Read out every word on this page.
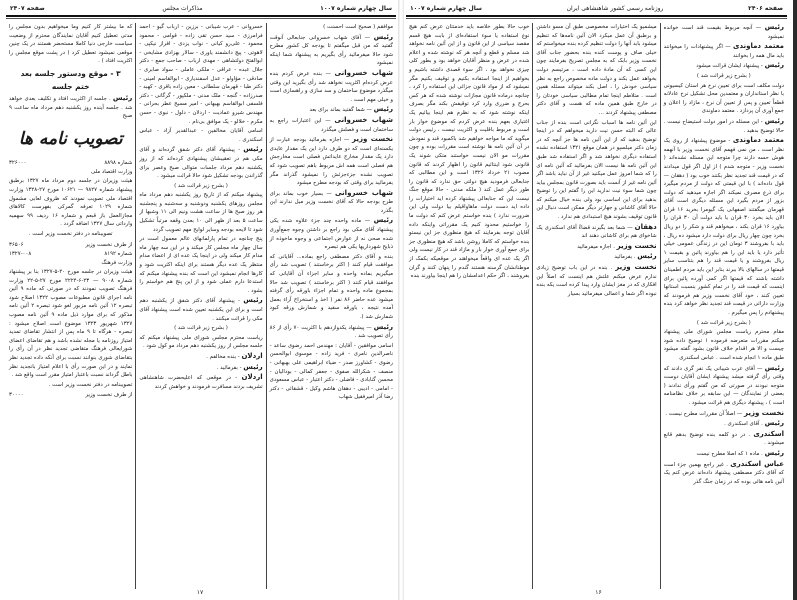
سال چهارم شماره ۱۰۰۷
مذاکرات مجلس
صفحه ۲۴۰۷

موافقم ( صحیح است احسنت )

رئیس — آقای شهاب خسروانی جنابعالی آنوقت گفتید که من قبل میگفتم تا بودجه کل کشور مطرح شود حالا میفرمائید رأی بگیریم به پیشنهاد شما اینکه نمیشود

شهاب خسروانی — بنده عرض کردم بنده عرض کرده‌ام اکثریت نخواهد شد رأی بگیرید این وقتی میگذرد موضوع ساختمان و سد سازی و راهسازی است و خیلی مهم است .

رئیس — شما گفتید بماند برای بعد

شهاب خسروانی — این اعتبارات راجع به ساختمان است و فصلش میگذرد

نخست وزیر — اجازه بفرمائید بودجه عبارت از یکسنه‌ای است که دو طرف دارد این یک مقدار عایدی دارد یک مقدار مخارج عایداتش فصلی است مخارجش هم فصلی است همه اش مربوط باهم تصویب شود که تصویب نشده جزءجزئش را نمیشود گذراند مگر بفرمائید برای وقتی که بودجه مطرح میشود

شهاب خسروانی — بسیار خوب بماند برای طرح بودجه حالا که آقای نخست وزیر میل ندارند این بگذرد

رئیس — ماده واحده چند جزء علاوه شده یکی پیشنهاد آقای مکی بود راجع بر داشتن وجوه جمع‌آوری شده صحی نه از عوارض اجتماعی و وجوه ماخوذه از ذبایح شهرداریها یکی هم تبصره

بنده و آقای دکتر مصطفی راجع بماده... آقایانی که موافقت قیام کنند ( اکثر برخاستند ) تصویب شد رأی میگیریم بماده واحده و سایر اجزاء آن آقایانی که موافقند قیام کنند ( اکثر برخاستند ) تصویب شد حالا بمجموع ماده واحده و تمام اجزاء باورقه رأی گرفته میشود عده حاضر ۸۶ نفر ( اخذ و استخراج آراء بعمل آمده نتیجه ، باورقه سفید و شمارش ورقه کبود شمارش شد ).

رئیس — پیشنهاد یکدوازدهم با اکثریت ۷۰ رأی از ۸۶ رأی تصویب شد .

اسامی موافقین - آقایان : مهندس احمد رضوی ساعد - ناصرالدین نامری - فرید زاده - موسوی ابوالحسن رضوی - کشاورز صدر - ضیاء ابراهیمی علی بهبهانی - منصف - شکرالله صفوی - جعفر کمالی - بودالیان - محسن گنابادی - فاضلی - دکتر اعتبار - عباس مسعودی - امامی - ادیبی - دهقان هاشم وکیل - قشقائی - دکتر رضا آذر امیرفقیل شهاب

خسروانی - عرب شیبانی - برزین - ارباب گیو - احمد فرامرزی - سید حسن تقی زاده - قوامی - محمود محمود - علی‌رو کیانی - نواب یزدی - افراز نیکپی - لاهوتی - پیچ دانشمند یاوری - سالار بهزادی مشایخی - ابوالفتح دولتشاهی - مهدی ارباب - صاحب جمع - دکتر جلال عبده - عراقی - ملکی عاملی - سواد صابری - صادقی - مؤاولو - عدل اسفندیاری - ابوالقاسم امینی - دکتر طبا - قهرمان سلطانی - معین زاده باقری - کهبد - صدرزاده - گنجه - ملک مدنی - ملکپور - گرگانی - دکتر فلسفی ابوالقاسم بهبهانی - امیر مسیح عطر بحرانی - مهندس شیرو عمادیت - اردلان - دلول - نبوی - حسن مکرم - خلالو - یک موافق بی‌نام .

اسامی آقایان مخالفین - عبدالقدیر آزاد - عباس اسکندری .

رئیس - پیشنهاد آقای دکتر شفق گرده‌اند و آقای مکی هم در تعقیبشان پیشنهادی کرده‌اند که از روز یکشنبه دهم مرداد جلسات متوالی صبح وعصر برای گذراندن بودجه تشکیل شود حالا قرائت میشود .

( بشرح زیر قرائت شد )

پیشنهاد میکنم که از تاریخ روز یکشنبه دهم مرداد ماه مجلس روزهای یکشنبه ودوشنبه و سه‌شنبه و پنجشنبه هر روز صبح ها از ساعت هشت ونیم الی ۱۱ وشبها از ساعت ۵ بعد از ظهر الی ۱۰ بعدن وقفه مرتباً تشکیل شود تا لایحه بودجه وسایر لوایح مهم تصویب گردد

پنج چنانچه در تمام پارلمانهای عالم معمول است در سال چهار ماه مجلس کار میکند و در این سه چهار ماه مدام کار میکند ولی در اینجا یک عده ای از اعضاء مدام منتظر یک عده دیگر هستند برای اینکه اکثریت شود و کارها انجام نمیشود این است که بنده پیشنهاد میکنم که استدعا دارم عملی شود و از این پنج هم خواستم را بشود .

رئیس - پیشنهاد آقای دکتر شفق از یکشنبه دهم است و برای این یکشنبه تعیین شده است پیشنهاد آقای مکی را قرائت میکنند .

( بشرح زیر قرائت شد )

ریاست محترم مجلس شورای ملی پیشنهاد میکنم که جلسه مجلس از روز یکشنبه دهم مرداد مو کول شود .

اردلان - بنده مخالفم .

رئیس - بفرمائید .

اردلان - در موقعی که اعلیحضرت شاهنشاهی تشریف بردند مسافرت فرمودند و خواهش کردند

که ما بیشتر کار کنیم وما میخواهیم بدون مجلس را مدتی تعطیل کنیم آقایان نمایندگان محترم از وضعیت سیاست خارجی دنیا کاملا مستحضر هستند در یک چنین موقعی نمیشود تعطیل کرد ( در پشت موقع مجلس را اکثریت افتاد ) .

۳ - موقع ودستور جلسه بعد
ختم جلسه

رئیس . جلسه از اکثریت افتاد و تکلیف بعدی خواهد شد . جلسه آینده روز یکشنبه دهم مرداد ماه ساعت ۹ صبح

تصویب نامه ها
شماره ۸۸۹۸
۳۲۶۰۰۰

وزارت اقتصاد ملی

هیئت وزیران در جلسه دوم مرداد ماه ۱۳۲۷ برطبق پیشنهاد شماره ۹۸۲۷ — ۱۰۶۲۱ مورخ ۲۷-۱۳۲۸ وزارت اقتصاد ملی تصویب نمودند که ظروف لعابی مشمول شماره ۱۰۲۹ تعرفه گمرکی بفهرست کالاهای مجاز‌العمل باز قبعم و شماره ۱۶ ردیف ۹۹ سهمیه وارداتی سال ۱۳۲۷ اضافه گردد .

تصویبنامه در دفتر نخست وزیر است .

از طرف نخست وزیر
۳۶۵۰۶
شماره ۸۱۹۲
۱۳۲۷-۰۰۸

وزارت فرهنگ

هیئت وزیران در جلسه مورخ ۲۰-۵-۱۳۲۷ بنا بر پیشنهاد شماره ۹۰۰۸ — ۲۳-۶-۲۲۲۴ مورخ ۲۷-۵-۲۲ وزارت فرهنگ تصویب نمودند که در صورتی که ماده ۹ آئین نامه اجرای قانون مطبوعات مصوب ۱۳۲۲ اصلاح شود تبصره ۱۲ آئین نامه مزبور لغو شود تبصره ۲ آئین نامه مذکور که برای موارد ذیل ماده ۹ آئین نامه مصوب ۱۳۲۷ شهریور ۱۳۲۳ موضوع است اصلاح میشود : تبصره - هرگاه تا ۹ ماه پس از انتشار تقاضای تمدید امتیاز روزنامه یا مجله نشده باشد و هم تقاضای اعضای شورایعالی فرهنگ متقاضی تجدید نظر در آن رأی را بتقاضای شوری بنوانند نسبت برای آنکه داده تجدید نظر نمایند و در این صورت رأی با اعلام امتیاز بانجدید نظر باطل گرداند نسبت باعتبار امتیاز مقرر است واقع شد .

تصویبنامه در دفتر نخست وزیر است .

از طرف نخست وزیر
۳۰۰۰۰
۱۷
صفحه ۲۴۰۶
روزنامه رسمی کشور شاهنشاهی ایران
سال چهارم شماره ۱۰۰۷

رئیس — آنچه مربوط بقیمت قند است خوانده نمیشود

معتمد دماوندی — اگر پیشنهادات را میخوانند باید مال همه را بخوانند

رئیس - پیشنهاد ایشان قرائت میشود

( بشرح زیر قرائت شد )

دولت مکلف است برای تعیین نرخ هر استان کیسیونی با نظر استانداران و معتمدین محل تشکیل نرخ عادلانه قطعاً تعیین و پس از تعیین آن نرخ ، مازاد را اعلان و جمع آوری آن پردازد . معتمد دماوندی

رئیس - این مسئله در امور دولت استیضاح نیست . حالا توضیح بدهید .

معتمد دماوندی - موضوع پیشنهاد از روی یک نظر است ، من نمی فهمم آقای نخست وزیر با آنهمه هوش حسه دارند چرا متوجه این مسئله نشده‌اند ( نخست وزیر - متوجه شدم ) از اول اگر قول میدادند که در قیمت قند تجدید نظر بکنند خوب بود ( دهقان — قول داده‌اند ) با این قیمتی که دولت از مردم میگیرد برای ذرع مصرف نمیکند اگر اجازه میدهید که دولت بزور از مردم بگیرد این مسئله دیگری است آقای قهرمان میگفتند اصفهانی یک گیومرا بخرید ۱۶ قران الان باید بخرد ۳۰ قران یا باید دولت آن ۳۰ قران را بیاورد ۱۶ قران بکند ، میخواهم قند و شکر را دو ریال بخرد چون چهار ریال برای دولت دارد میشود ده ریال ، باید با بفروشند ۳ تومان این در زندگی عمومی خیلی تأثیر دارد یا باید این را هم بیاورند پائین و بقیمت ۱ ریال بفروشند و یا قیمت قند را هم بتناسب سایر قیمتها در سالهای بالا ببرند بنابر این باید مردم اطمینان داشته باشند که قیمتها اگر کمی آورده پائین برای اینست که قیمت قند را در تمام کشور بنسبت استانها تعیین کنند ، خود آقای نخست وزیر هم فرمودند که وزارت دارائی در قیمت قند تجدید نظر خواهد کرد بنده پیشنهادم را پس میگیرم .

( بشرح زیر قرائت شد )

مقام محترم ریاست مجلس شورای ملی پیشنهاد میکنم مقررات متعرضه فرموده ۱ توضیح داده شود چیست و الا هر اقدام خلاف قانون بشود گفته میشود طبق ماده ۱ انجام شده است . عباس اسکندری

رئیس — آقای عرب شیبانی یک نفر گری دادند که وقتی رأی گرفته میشد پیشنهاد ایشان آقایان دوست متوجه نبودند در صورتی که من گفتم ورأی ندادند ( بعضی از نمایندگان — این سابقه بر خلاف نظامنامه است ) ، پیشنهاد دیگری هم قرائت میشود .

نخست وزیر — اصلاً آن مقررات مطرح نیست .

رئیس . آقای اسکندری .

اسکندری . در دو کلمه بنده توضیح بدهم قانع میشوند .

رئیس . ماده ۱ که اصلا مطرح نیست

عباس اسکندری . غیر راجع بهمین جزء است که آقای دکتر مصطفی پیشنهاد داده‌اند عرض کنم یک آئین نامه هائی بوده که در زمان جنگ گذر

میشمیو یک اختیارات مخصوصی طبق آن مسو داشتن و برطبق آن عمل میکرد الان آئین نامه‌ها که تنظیم میشود بابد آنها را دولت تنظیم کرده بنده میخواستم که خیلی صاف و پوست کنده بنده بحضور جناب آقای نخست وزیر بابک که به مجلس تصریح بفرمایند چون این کسی که آن مادهٔ داده است ، مرتیسم دولت بخواهد عمل بکند و دولت ماده مخصوص راجع به نظر سیاسی خودش را ، اصل بکند میتواند مسئله همین است . متلاطم اینجا تمام مطالبی سیاسی خودتان را در خارج طبق همین ماده که هست و آقای دکتر مصطفی پیشنهاد کردند ...

این آئین نامه ها اسباب نگرانی است بنده از جناب عالی که البته حسن نیت دارید میخواهم که در اینجا توضیح بدهید که از این آئین نامه ها جز آنچه که در زمان دکتر میلسپو در همان موقع ۱۳۲۱ استفاده نشده استفاده دیگری نخواهد شد و اگر استفاده شد طبق این آئین نامه ها نیست الان بفرمائید که آئین نامه ای را که شما امروز عمل میکنید غیر از آن نباید باشد اگر آئین نامه غیر از آنست باید بصورت قانون بمجلس بیاید چون شما سوء نیت ندارید این را گفتم این را توضیح بدهید برای این اساسی بود ولی بنده خیال میکنم که حالا آقای کاشانی و جهارتر دیگر ممکن است دنبال این قانون توقیف بشوند هیچ استبدادی هم ندارد .

دهقان — شما بعد بگیرند قضاءً آقای اسکندری یک شاخوای هم برای کاشانی دهند اند

نخست وزیر . اجازه میفرمائید

رئیس . بفرمائید

نخست وزیر . بنده در این باب توضیح زیادی ندارم عرض میکنم علتش هم اینست که اصلاً این افکاری که در مغز ایشان وارد پیدا کرده است یکه بنده نبوده اگر شما و اعمالی میفرمائید بسیار

خوب حالا بطور خلاصه باید خدمتتان عرض کنم هیچ نوع استفاده یا سوء استفاده‌ای از بابت هیچ قسم مقصد سیاسی از این قانون و از این آئین نامه نخواهد شد مسلم و قطع و آنچه هر که نوشته شده و اعلام شده در عرض و منظر آقایان خواهد بود و بطور کلی چیزی نخواهد بود ، اگر سوء قصدی داشته باشیم و بخواهیم از اینجا استفاده بکنیم و توقیف بکنیم مگر نمیشود که از مواد قانون جزائی این استفاده را کرد ، چنانچه درماده قانون مجازات نوشته شده که هر کس بحرج و ضرری وارد کرد توقیفش بکند مگر بصرف اینکه نوشته شود که به نظرم هم اینجا بیائیم یک اغتیاری بعهم بنده عرض کردم که موضوع خوار بار است و مربوط باقلیت و اکثریت نیست ، رئیس دولت میگوید که ما مواجه خواهیم شد باکمبود قند و نمودش در آن آئین نامه ها نوشته است مقررات بوده و چون مقررات مو الان نیست خواستند متکی شوند یک قانونی شود اینتائیم قانون را اظهار کردند که قانون مصوب ۲۱ خرداد ۱۳۲۶ است و این مطالبی که جنابعالی فرمودید هیچ دولتی حق ندارد که قانون را طور دیگر عمل کند ( ملکه مدنی - حالا موقع جنگ نیست این که جنابعالی پیشنهاد کرده اید اختیارات را داده اید دست دولت ماهاواقیلم بیا دولت ولی این ضرورت ندارد ) بنده خواستم عرض کنم که دولت ما را خواستیم محدود کنیم یک مقرراتی واینکه داده آقایان توجه بفرمایند که هیچ منظوری جز این نیستو بنده خواستم که کاملا روشن باشد که هیچ منظوری جز برای جمع آوری خوار بار و مازاد قند در کار نیست ولی اگر یک عده ای واقعاً میخواهند در موقعیکه بکمک از موطنانشان گرسنه هستند گندم را پنهان کنند و گران بفروشند ، اگر حکم اعدامشان را هم اینجا بیاورند بنده

۱۶
